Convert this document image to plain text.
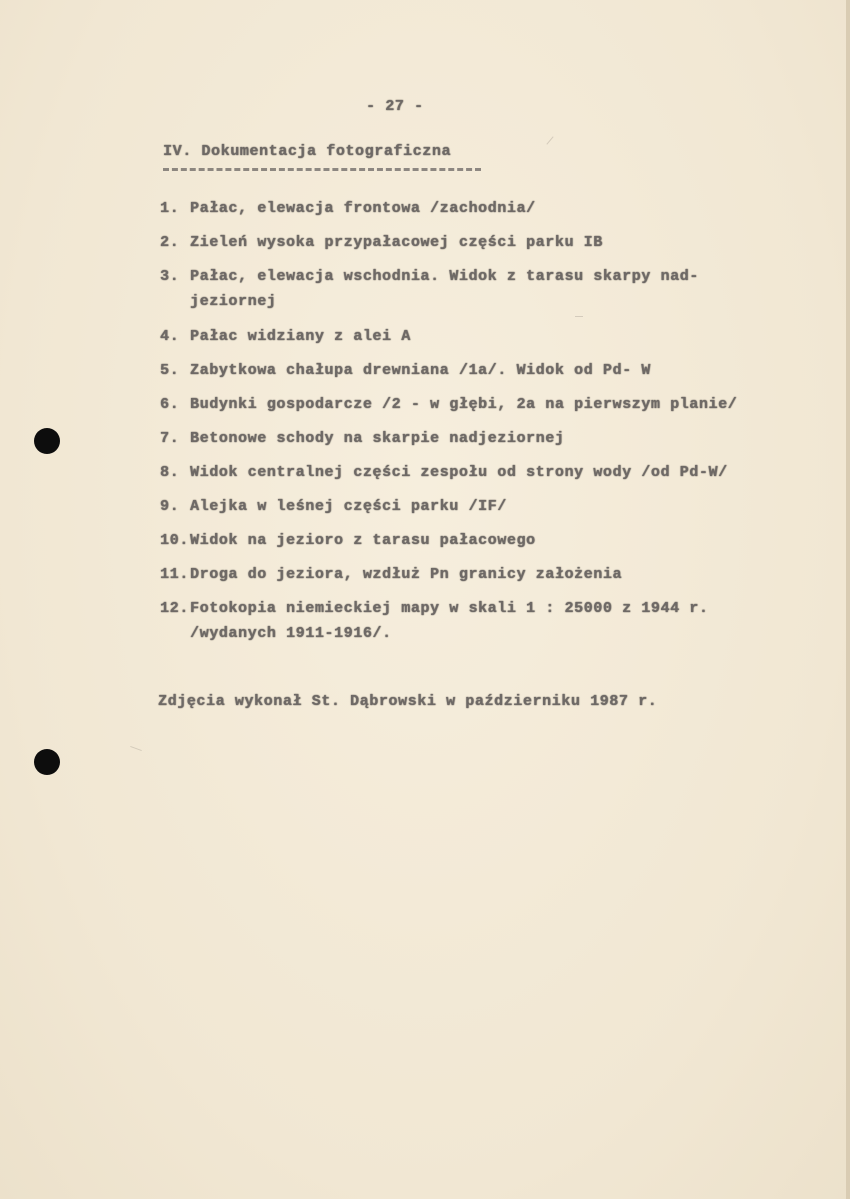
- 27 -
IV. Dokumentacja fotograficzna
1. Pałac, elewacja frontowa /zachodnia/
2. Zieleń wysoka przypałacowej części parku IB
3. Pałac, elewacja wschodnia. Widok z tarasu skarpy nad-
jeziornej
4. Pałac widziany z alei A
5. Zabytkowa chałupa drewniana /1a/. Widok od Pd- W
6. Budynki gospodarcze /2 - w głębi, 2a na pierwszym planie/
7. Betonowe schody na skarpie nadjeziornej
8. Widok centralnej części zespołu od strony wody /od Pd-W/
9. Alejka w leśnej części parku /IF/
10. Widok na jezioro z tarasu pałacowego
11. Droga do jeziora, wzdłuż Pn granicy założenia
12. Fotokopia niemieckiej mapy w skali 1 : 25000 z 1944 r.
/wydanych 1911-1916/.
Zdjęcia wykonał St. Dąbrowski w październiku 1987 r.
